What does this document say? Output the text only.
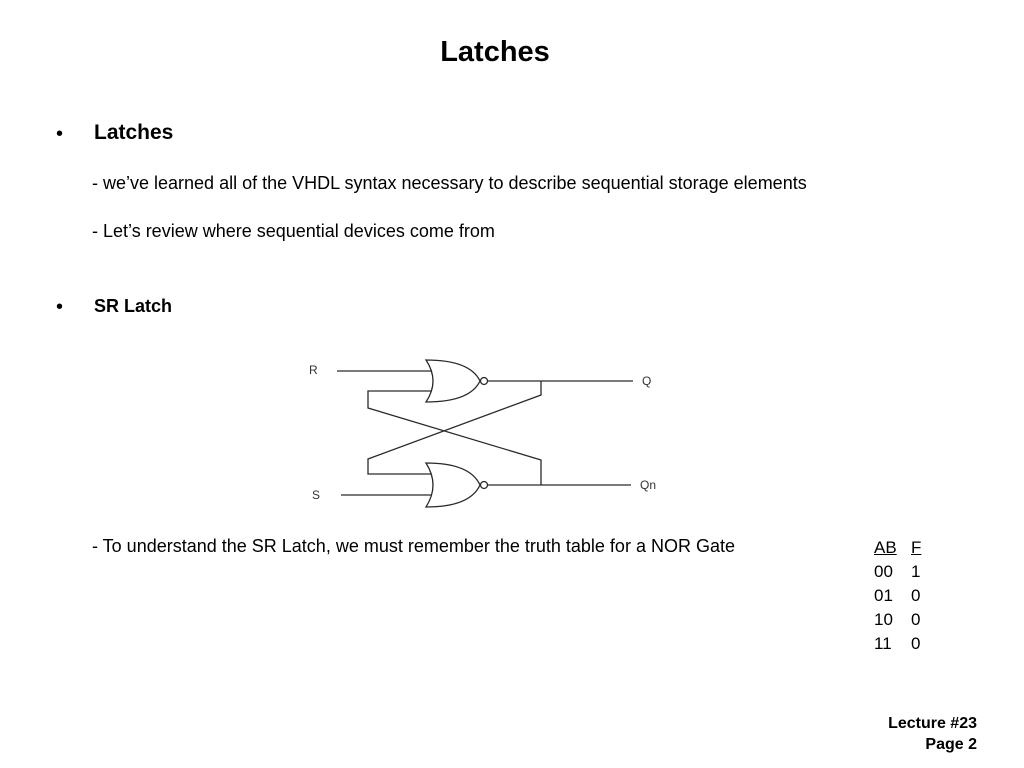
Latches
• Latches
- we’ve learned all of the VHDL syntax necessary to describe sequential storage elements
- Let’s review where sequential devices come from
• SR Latch
R
S
Q
Qn
- To understand the SR Latch, we must remember the truth table for a NOR Gate	AB F
00 1
01 0
10 0
11 0
Lecture #23
Page 2
